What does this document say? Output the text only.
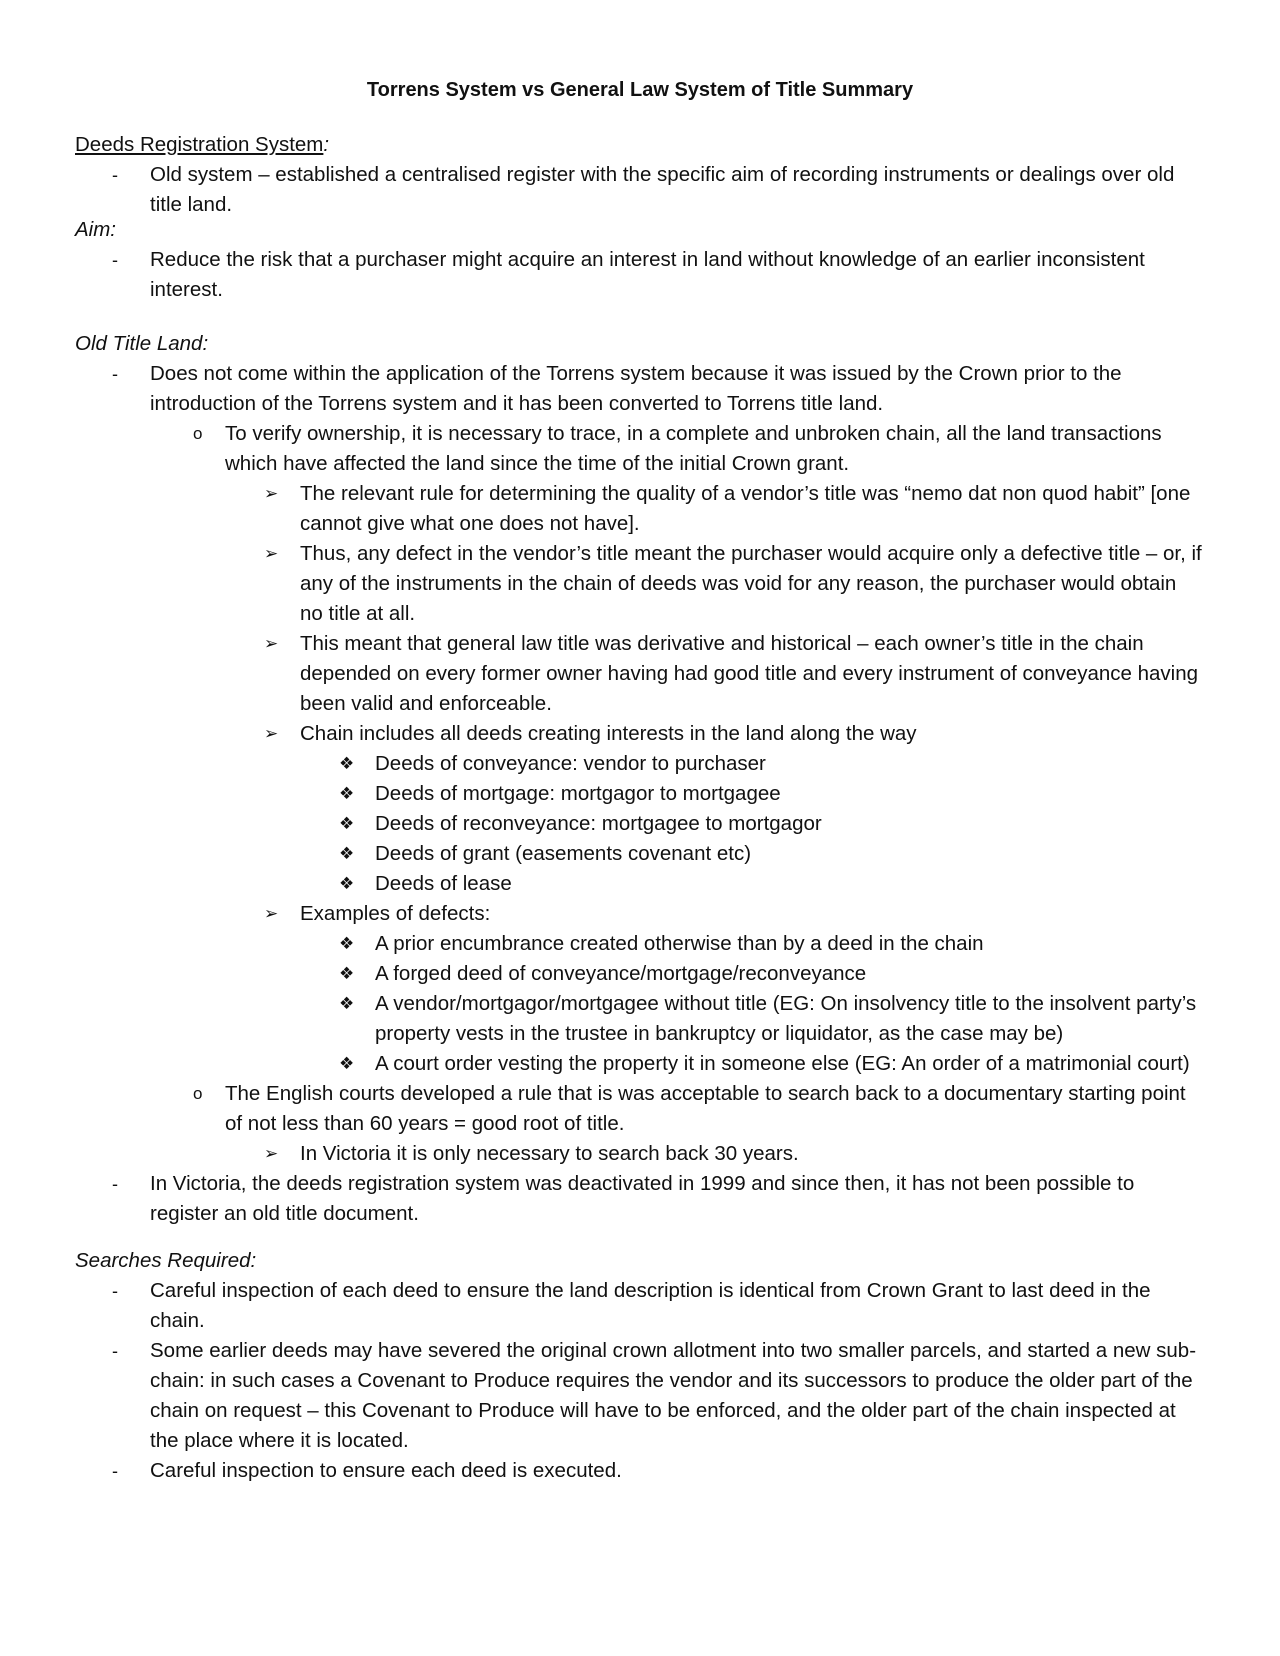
Torrens System vs General Law System of Title Summary
Deeds Registration System:
-	Old system – established a centralised register with the specific aim of recording instruments or dealings over old title land.
Aim:
-	Reduce the risk that a purchaser might acquire an interest in land without knowledge of an earlier inconsistent interest.
Old Title Land:
-	Does not come within the application of the Torrens system because it was issued by the Crown prior to the introduction of the Torrens system and it has been converted to Torrens title land.
o	To verify ownership, it is necessary to trace, in a complete and unbroken chain, all the land transactions which have affected the land since the time of the initial Crown grant.
➢	The relevant rule for determining the quality of a vendor’s title was “nemo dat non quod habit” [one cannot give what one does not have].
➢	Thus, any defect in the vendor’s title meant the purchaser would acquire only a defective title – or, if any of the instruments in the chain of deeds was void for any reason, the purchaser would obtain no title at all.
➢	This meant that general law title was derivative and historical – each owner’s title in the chain depended on every former owner having had good title and every instrument of conveyance having been valid and enforceable.
➢	Chain includes all deeds creating interests in the land along the way
❖	Deeds of conveyance: vendor to purchaser
❖	Deeds of mortgage: mortgagor to mortgagee
❖	Deeds of reconveyance: mortgagee to mortgagor
❖	Deeds of grant (easements covenant etc)
❖	Deeds of lease
➢	Examples of defects:
❖	A prior encumbrance created otherwise than by a deed in the chain
❖	A forged deed of conveyance/mortgage/reconveyance
❖	A vendor/mortgagor/mortgagee without title (EG: On insolvency title to the insolvent party’s property vests in the trustee in bankruptcy or liquidator, as the case may be)
❖	A court order vesting the property it in someone else (EG: An order of a matrimonial court)
o	The English courts developed a rule that is was acceptable to search back to a documentary starting point of not less than 60 years = good root of title.
➢	In Victoria it is only necessary to search back 30 years.
-	In Victoria, the deeds registration system was deactivated in 1999 and since then, it has not been possible to register an old title document.
Searches Required:
-	Careful inspection of each deed to ensure the land description is identical from Crown Grant to last deed in the chain.
-	Some earlier deeds may have severed the original crown allotment into two smaller parcels, and started a new sub-chain: in such cases a Covenant to Produce requires the vendor and its successors to produce the older part of the chain on request – this Covenant to Produce will have to be enforced, and the older part of the chain inspected at the place where it is located.
-	Careful inspection to ensure each deed is executed.
